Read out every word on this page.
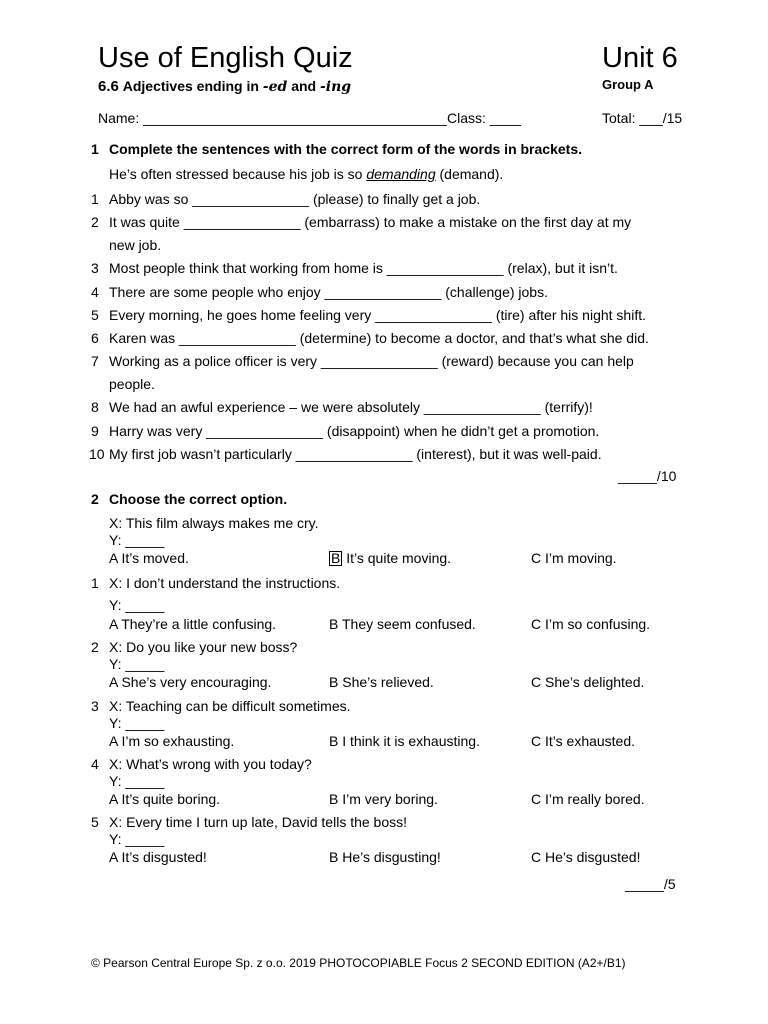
Use of English Quiz	Unit 6
6.6 Adjectives ending in -ed and -ing	Group A
Name: _______________________________________ Class: ____	Total: ___/15
1 Complete the sentences with the correct form of the words in brackets.
He’s often stressed because his job is so demanding (demand).
1 Abby was so _______________ (please) to finally get a job.
2 It was quite _______________ (embarrass) to make a mistake on the first day at my
new job.
3 Most people think that working from home is _______________ (relax), but it isn’t.
4 There are some people who enjoy _______________ (challenge) jobs.
5 Every morning, he goes home feeling very _______________ (tire) after his night shift.
6 Karen was _______________ (determine) to become a doctor, and that’s what she did.
7 Working as a police officer is very _______________ (reward) because you can help
people.
8 We had an awful experience – we were absolutely _______________ (terrify)!
9 Harry was very _______________ (disappoint) when he didn’t get a promotion.
10 My first job wasn’t particularly _______________ (interest), but it was well-paid.
_____/10
2 Choose the correct option.
X: This film always makes me cry.
Y: _____
A It’s moved.	B It’s quite moving.	C I’m moving.
1 X: I don’t understand the instructions.
Y: _____
A They’re a little confusing.	B They seem confused.	C I’m so confusing.
2 X: Do you like your new boss?
Y: _____
A She’s very encouraging.	B She’s relieved.	C She’s delighted.
3 X: Teaching can be difficult sometimes.
Y: _____
A I’m so exhausting.	B I think it is exhausting.	C It’s exhausted.
4 X: What’s wrong with you today?
Y: _____
A It’s quite boring.	B I’m very boring.	C I’m really bored.
5 X: Every time I turn up late, David tells the boss!
Y: _____
A It’s disgusted!	B He’s disgusting!	C He’s disgusted!
_____/5
© Pearson Central Europe Sp. z o.o. 2019 PHOTOCOPIABLE Focus 2 SECOND EDITION (A2+/B1)
